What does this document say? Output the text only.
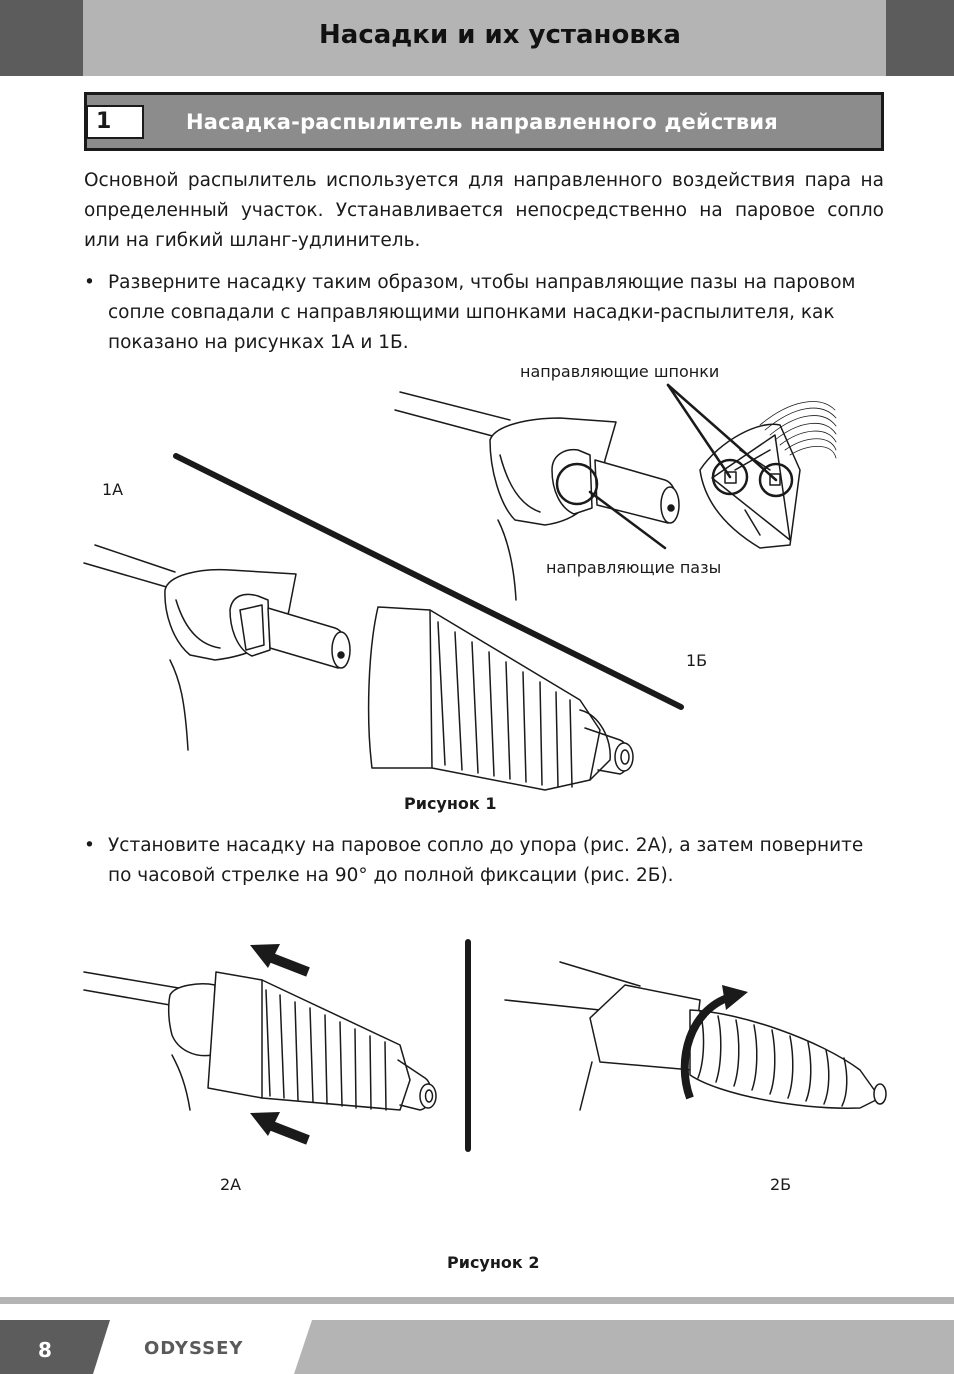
Насадки и их установка
1	Насадка-распылитель направленного действия
Основной распылитель используется для направленного воздействия пара на определенный участок. Устанавливается непосредственно на паровое сопло или на гибкий шланг-удлинитель.
• Разверните насадку таким образом, чтобы направляющие пазы на паровом сопле совпадали с направляющими шпонками насадки-распылителя, как показано на рисунках 1А и 1Б.
1А
1Б
направляющие шпонки
направляющие пазы
Рисунок 1
• Установите насадку на паровое сопло до упора (рис. 2А), а затем поверните по часовой стрелке на 90° до полной фиксации (рис. 2Б).
2А	2Б
Рисунок 2
8	ODYSSEY
